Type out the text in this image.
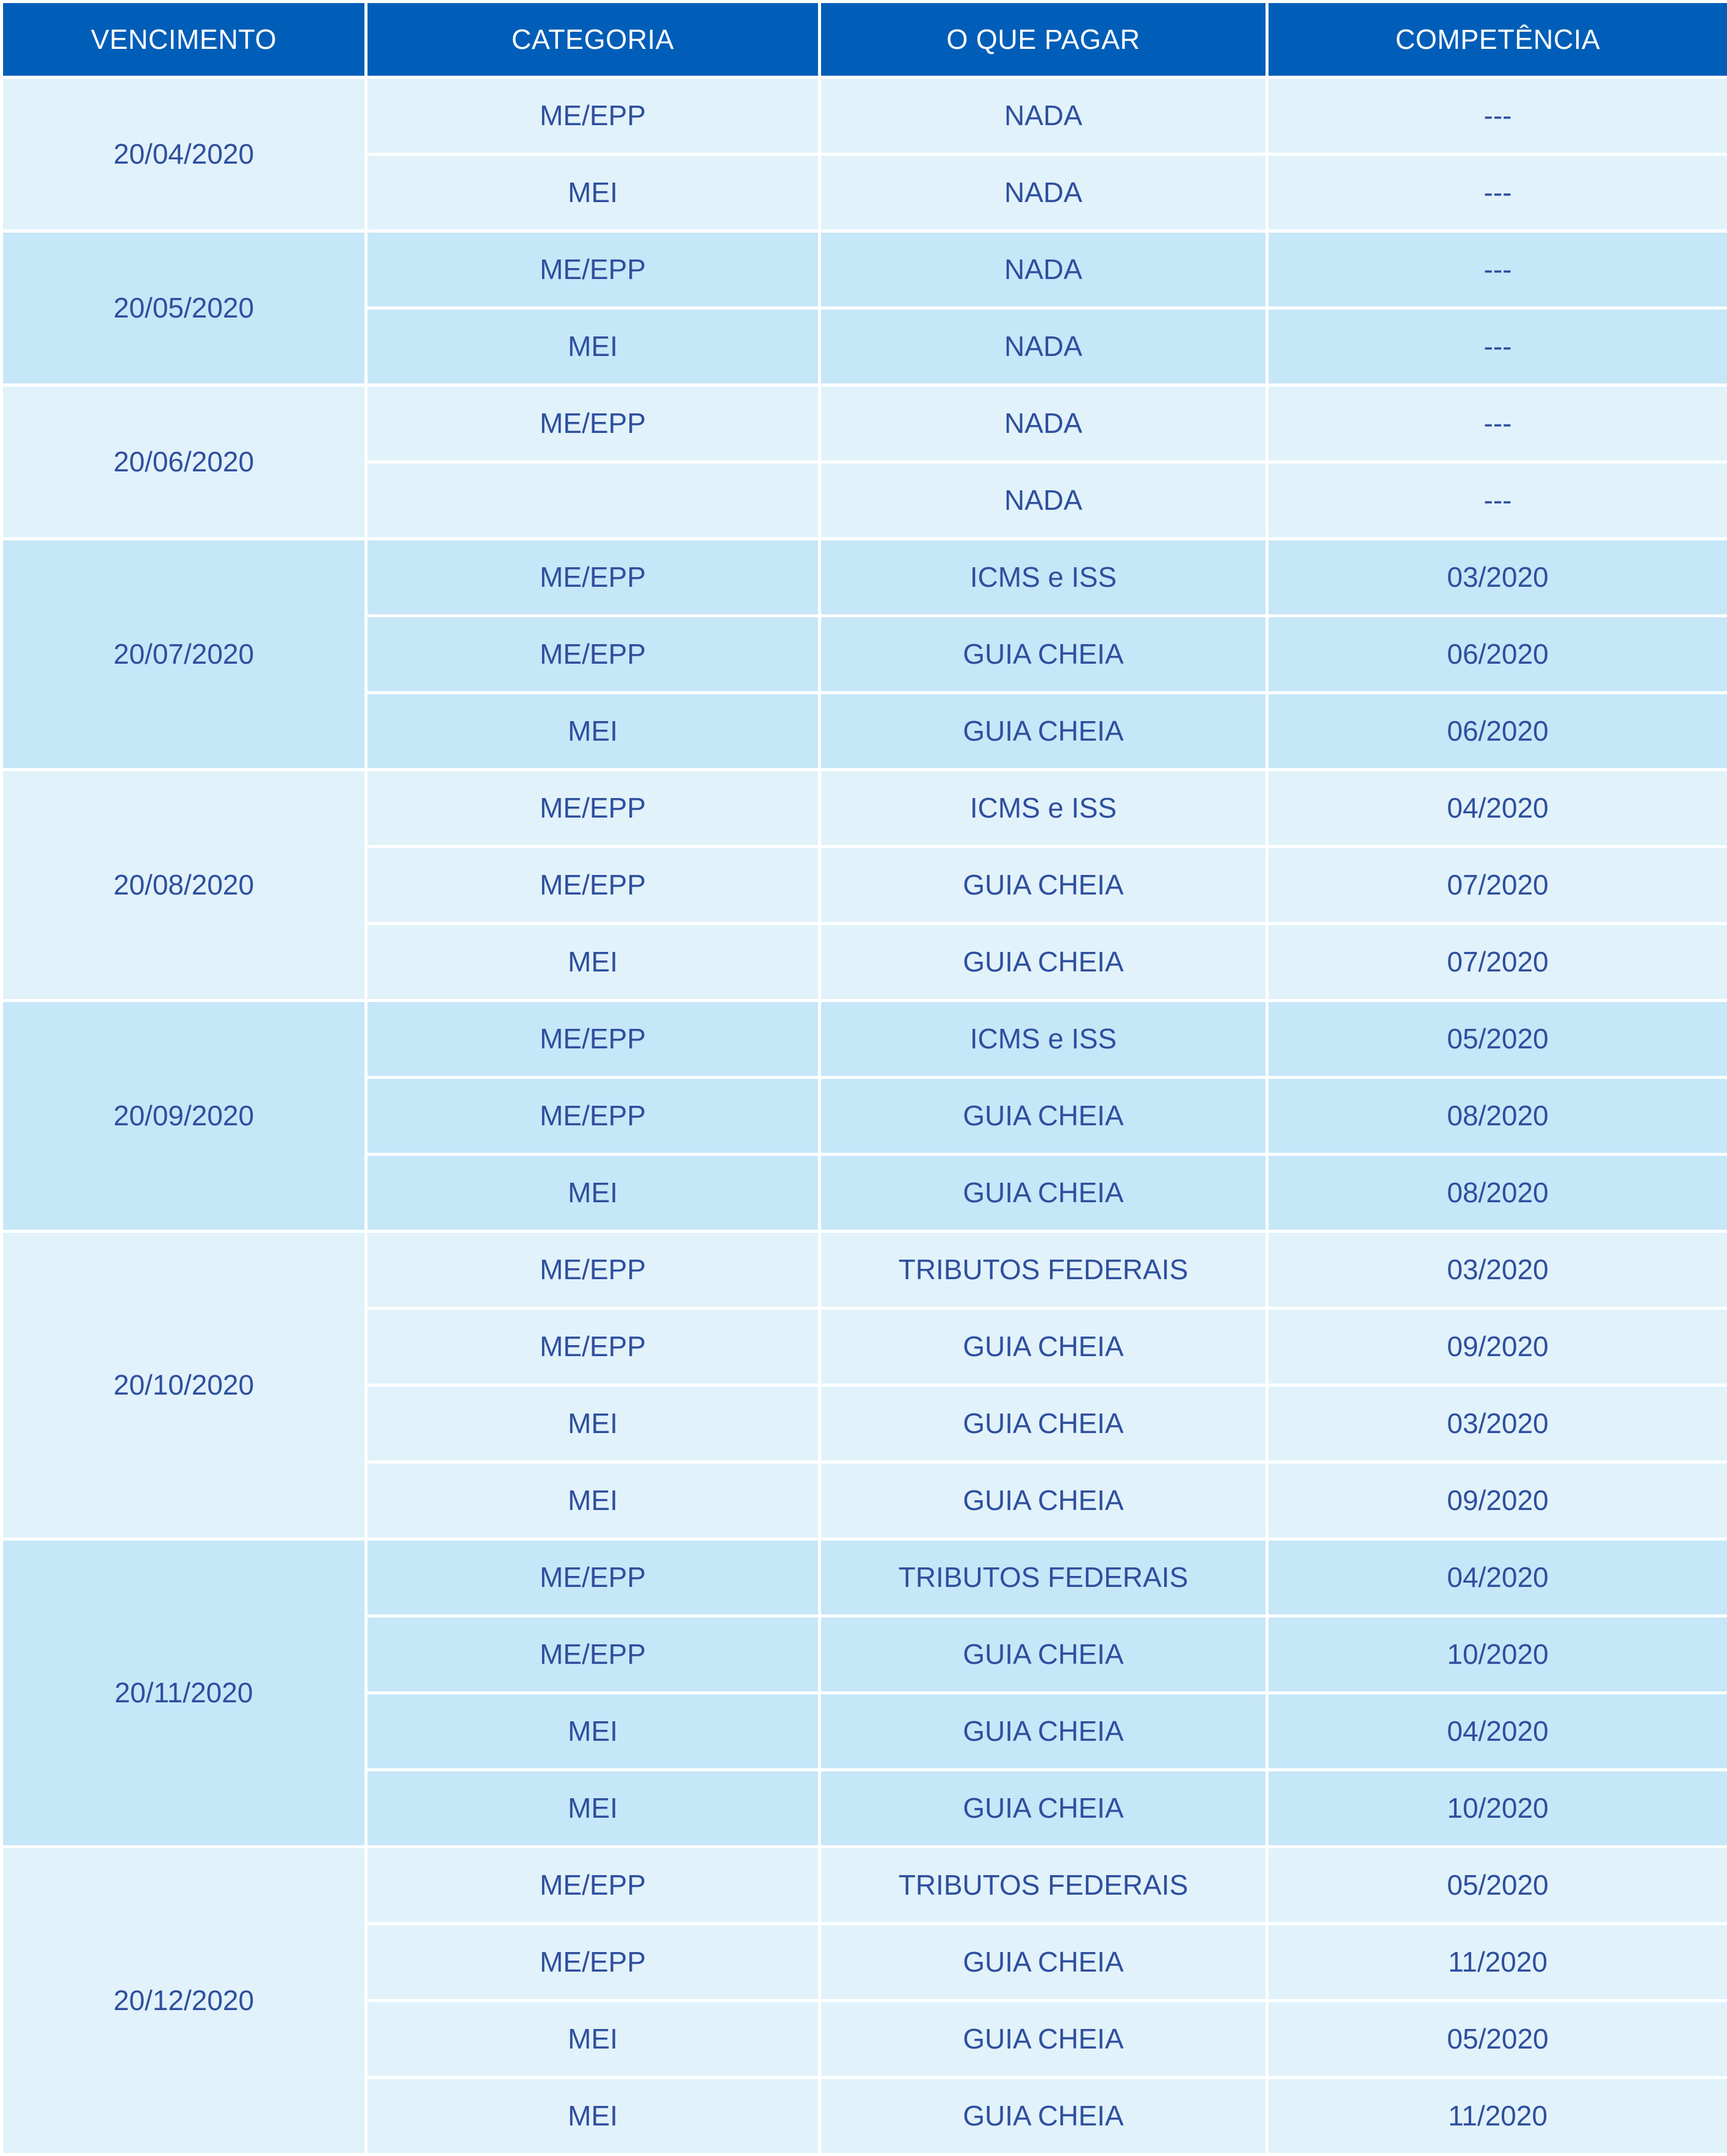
VENCIMENTO	CATEGORIA	O QUE PAGAR	COMPETÊNCIA
20/04/2020	ME/EPP	NADA	---
	MEI	NADA	---
20/05/2020	ME/EPP	NADA	---
	MEI	NADA	---
20/06/2020	ME/EPP	NADA	---
		NADA	---
20/07/2020	ME/EPP	ICMS e ISS	03/2020
	ME/EPP	GUIA CHEIA	06/2020
	MEI	GUIA CHEIA	06/2020
20/08/2020	ME/EPP	ICMS e ISS	04/2020
	ME/EPP	GUIA CHEIA	07/2020
	MEI	GUIA CHEIA	07/2020
20/09/2020	ME/EPP	ICMS e ISS	05/2020
	ME/EPP	GUIA CHEIA	08/2020
	MEI	GUIA CHEIA	08/2020
20/10/2020	ME/EPP	TRIBUTOS FEDERAIS	03/2020
	ME/EPP	GUIA CHEIA	09/2020
	MEI	GUIA CHEIA	03/2020
	MEI	GUIA CHEIA	09/2020
20/11/2020	ME/EPP	TRIBUTOS FEDERAIS	04/2020
	ME/EPP	GUIA CHEIA	10/2020
	MEI	GUIA CHEIA	04/2020
	MEI	GUIA CHEIA	10/2020
20/12/2020	ME/EPP	TRIBUTOS FEDERAIS	05/2020
	ME/EPP	GUIA CHEIA	11/2020
	MEI	GUIA CHEIA	05/2020
	MEI	GUIA CHEIA	11/2020
